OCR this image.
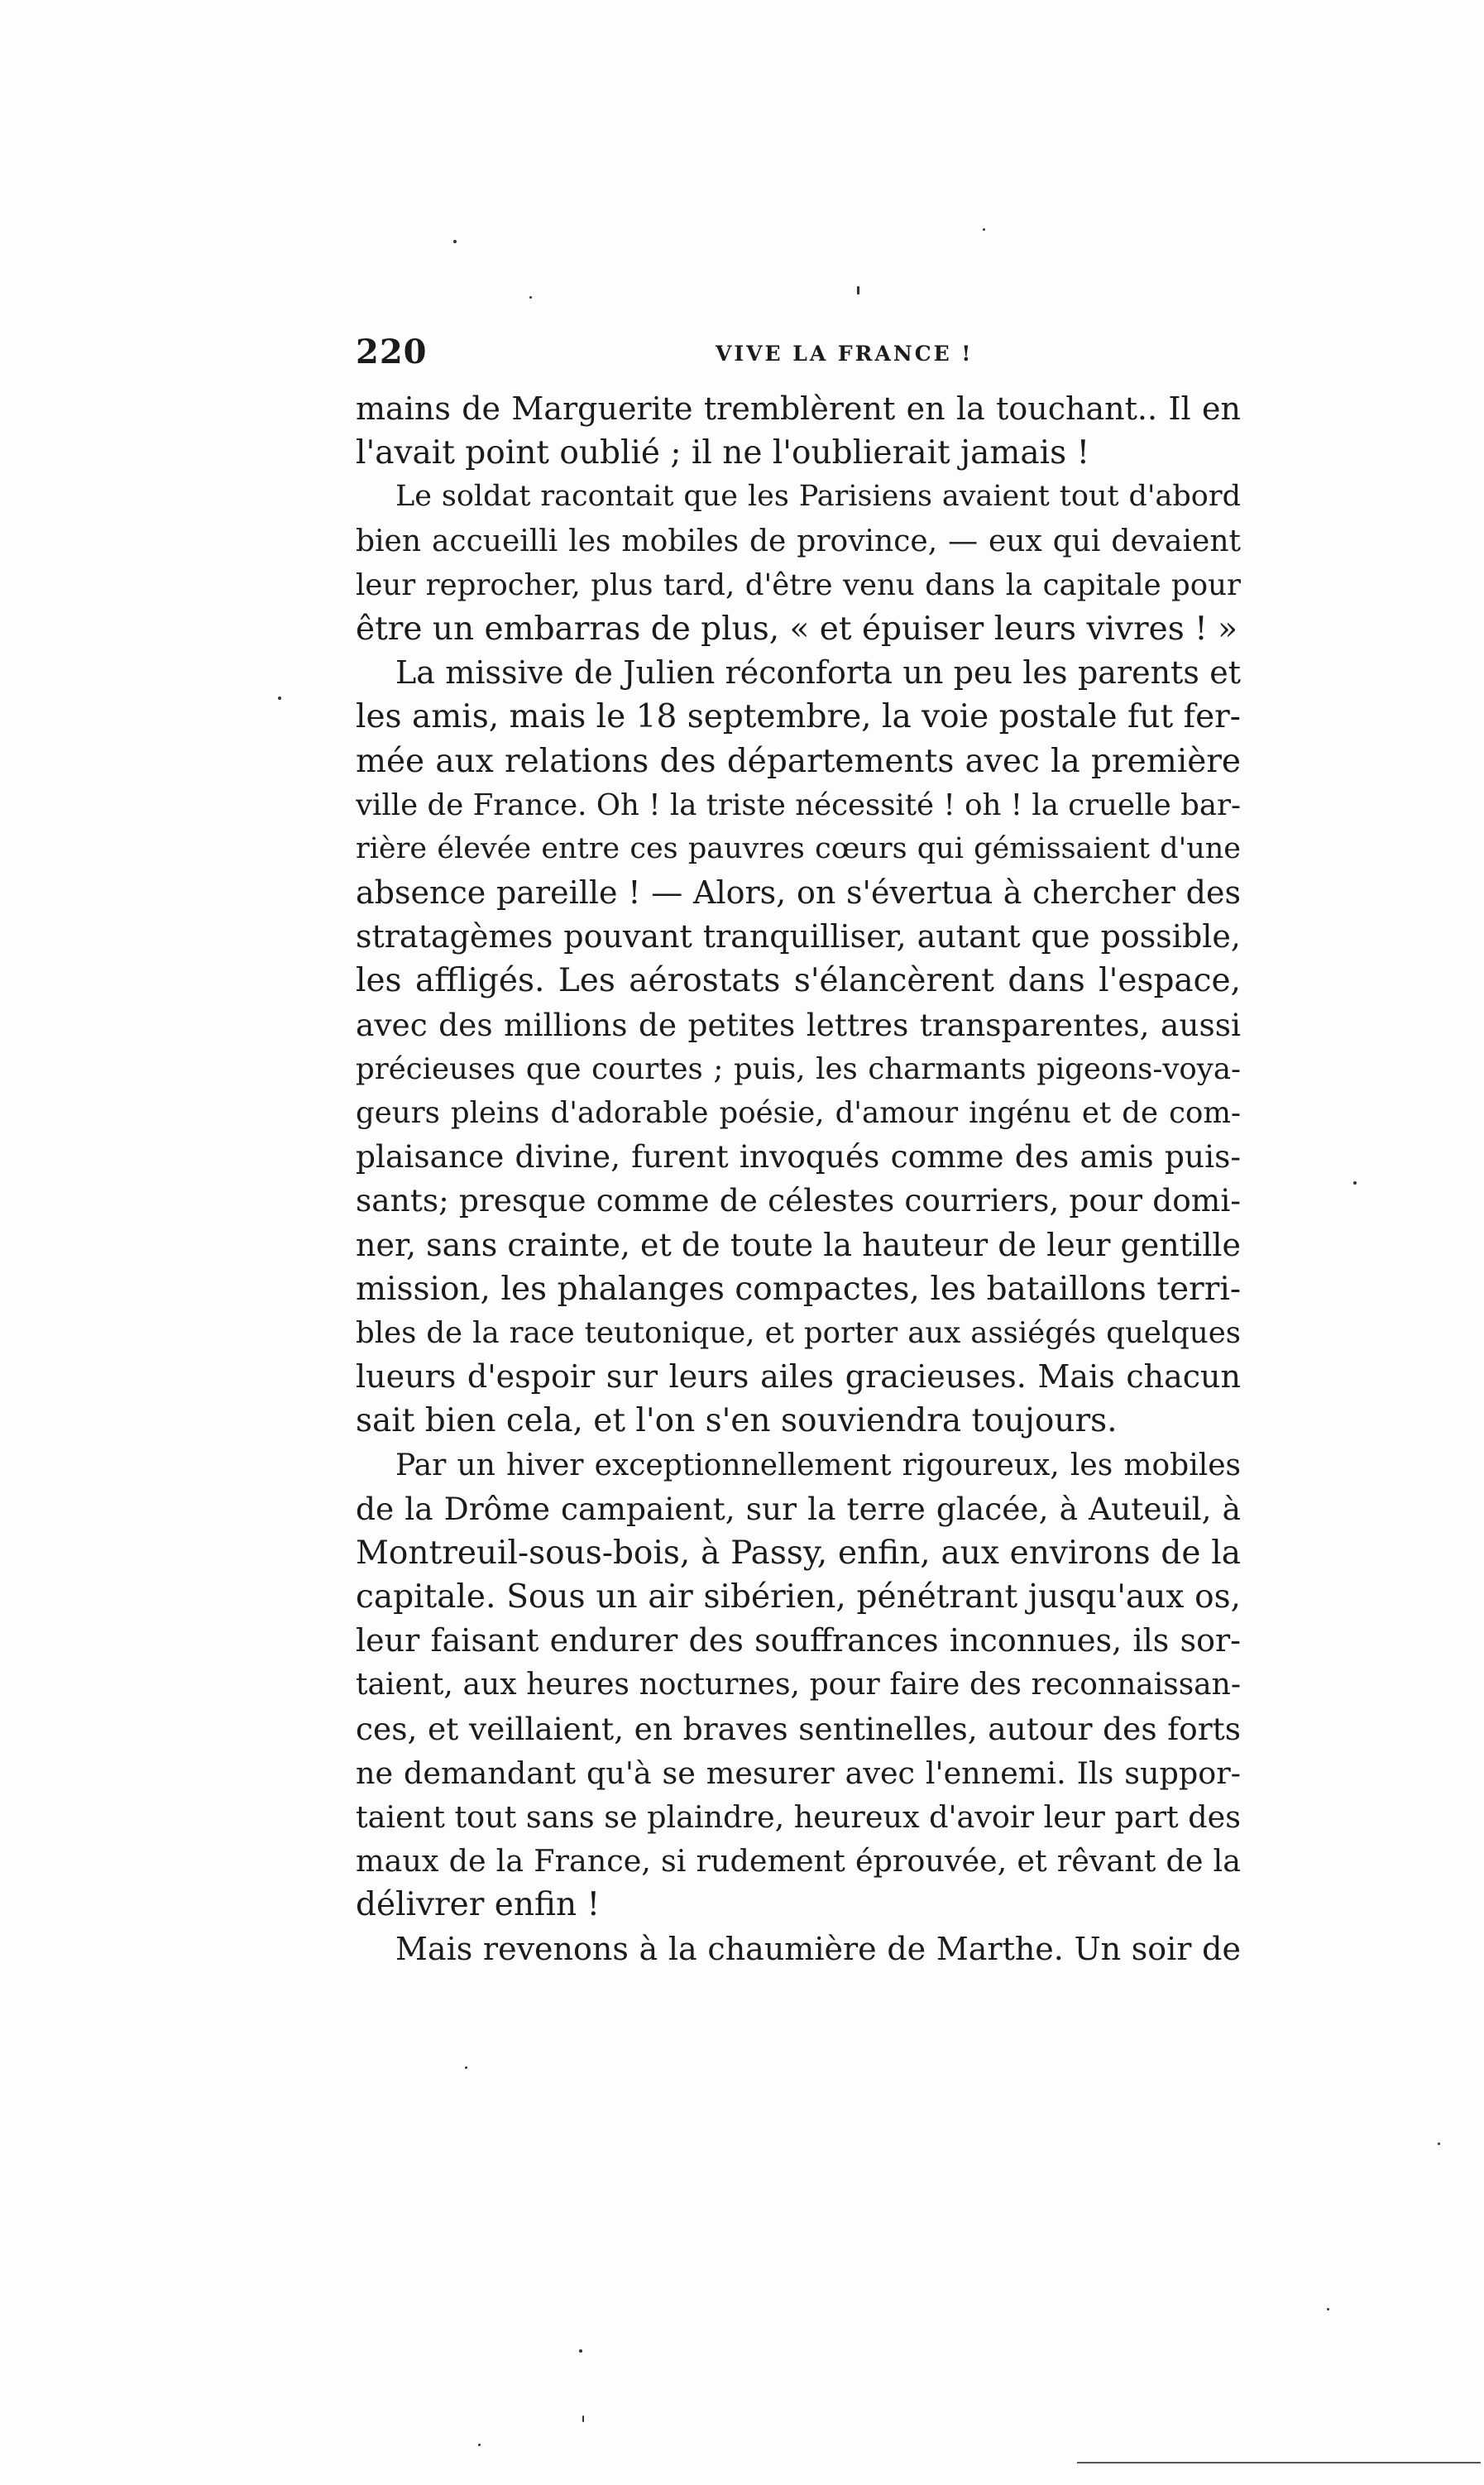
220	VIVE LA FRANCE !
mains de Marguerite tremblèrent en la touchant.. Il en
l'avait point oublié ; il ne l'oublierait jamais !
Le soldat racontait que les Parisiens avaient tout d'abord
bien accueilli les mobiles de province, — eux qui devaient
leur reprocher, plus tard, d'être venu dans la capitale pour
être un embarras de plus, « et épuiser leurs vivres ! »
La missive de Julien réconforta un peu les parents et
les amis, mais le 18 septembre, la voie postale fut fer-
mée aux relations des départements avec la première
ville de France. Oh ! la triste nécessité ! oh ! la cruelle bar-
rière élevée entre ces pauvres cœurs qui gémissaient d'une
absence pareille ! — Alors, on s'évertua à chercher des
stratagèmes pouvant tranquilliser, autant que possible,
les affligés. Les aérostats s'élancèrent dans l'espace,
avec des millions de petites lettres transparentes, aussi
précieuses que courtes ; puis, les charmants pigeons-voya-
geurs pleins d'adorable poésie, d'amour ingénu et de com-
plaisance divine, furent invoqués comme des amis puis-
sants; presque comme de célestes courriers, pour domi-
ner, sans crainte, et de toute la hauteur de leur gentille
mission, les phalanges compactes, les bataillons terri-
bles de la race teutonique, et porter aux assiégés quelques
lueurs d'espoir sur leurs ailes gracieuses. Mais chacun
sait bien cela, et l'on s'en souviendra toujours.
Par un hiver exceptionnellement rigoureux, les mobiles
de la Drôme campaient, sur la terre glacée, à Auteuil, à
Montreuil-sous-bois, à Passy, enfin, aux environs de la
capitale. Sous un air sibérien, pénétrant jusqu'aux os,
leur faisant endurer des souffrances inconnues, ils sor-
taient, aux heures nocturnes, pour faire des reconnaissan-
ces, et veillaient, en braves sentinelles, autour des forts
ne demandant qu'à se mesurer avec l'ennemi. Ils suppor-
taient tout sans se plaindre, heureux d'avoir leur part des
maux de la France, si rudement éprouvée, et rêvant de la
délivrer enfin !
Mais revenons à la chaumière de Marthe. Un soir de
